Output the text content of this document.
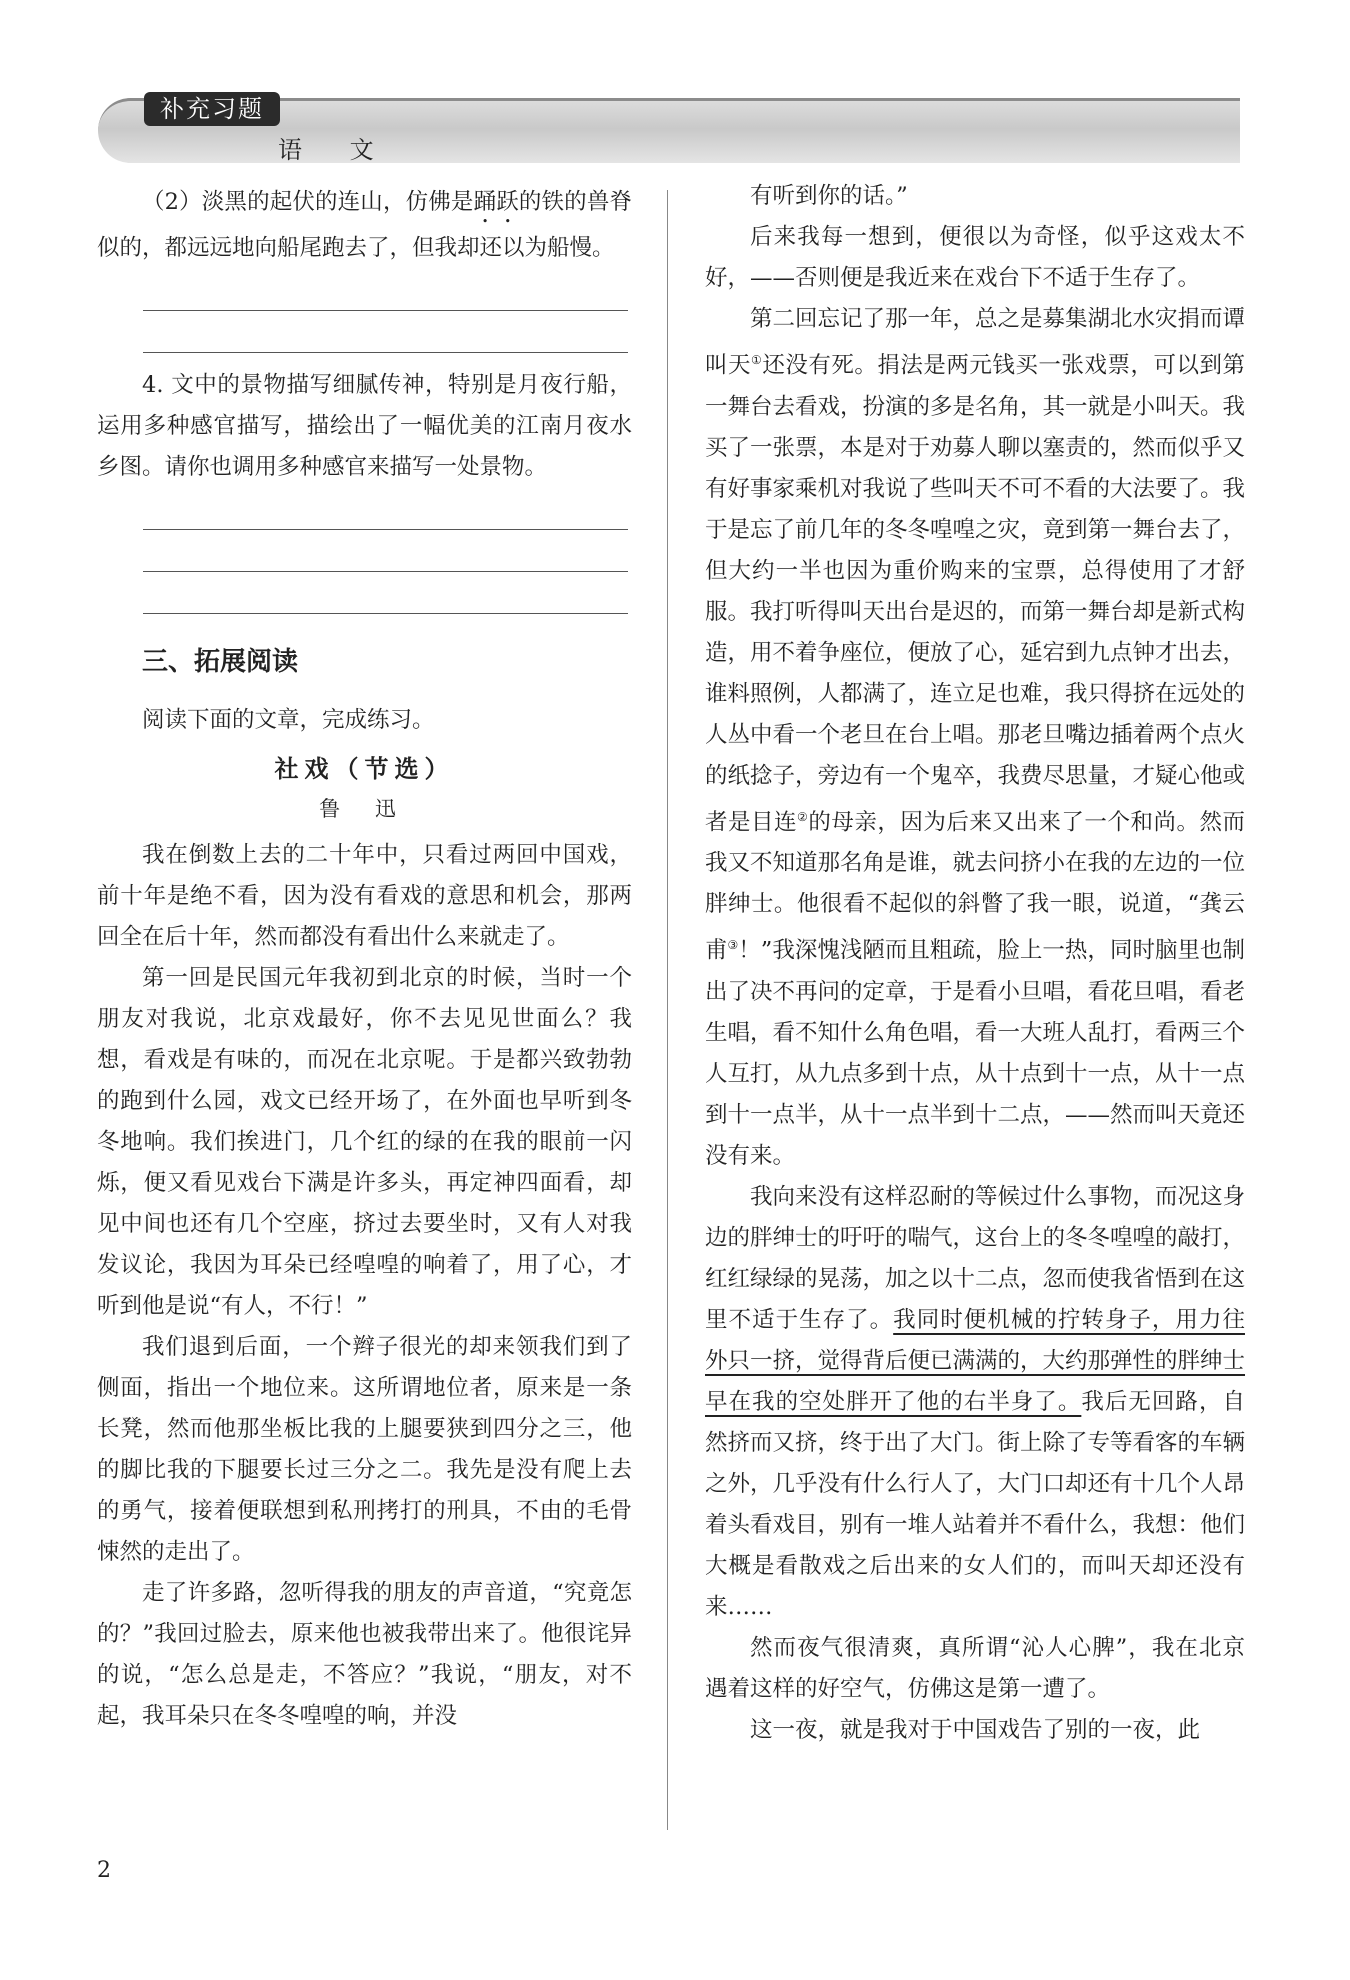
补充习题
语 文

（2）淡黑的起伏的连山，仿佛是踊跃的铁的兽脊似的，都远远地向船尾跑去了，但我却还以为船慢。

4. 文中的景物描写细腻传神，特别是月夜行船，运用多种感官描写，描绘出了一幅优美的江南月夜水乡图。请你也调用多种感官来描写一处景物。

三、拓展阅读

阅读下面的文章，完成练习。

社戏（节选）
鲁 迅

我在倒数上去的二十年中，只看过两回中国戏，前十年是绝不看，因为没有看戏的意思和机会，那两回全在后十年，然而都没有看出什么来就走了。

第一回是民国元年我初到北京的时候，当时一个朋友对我说，北京戏最好，你不去见见世面么？我想，看戏是有味的，而况在北京呢。于是都兴致勃勃的跑到什么园，戏文已经开场了，在外面也早听到冬冬地响。我们挨进门，几个红的绿的在我的眼前一闪烁，便又看见戏台下满是许多头，再定神四面看，却见中间也还有几个空座，挤过去要坐时，又有人对我发议论，我因为耳朵已经喤喤的响着了，用了心，才听到他是说“有人，不行！”

我们退到后面，一个辫子很光的却来领我们到了侧面，指出一个地位来。这所谓地位者，原来是一条长凳，然而他那坐板比我的上腿要狭到四分之三，他的脚比我的下腿要长过三分之二。我先是没有爬上去的勇气，接着便联想到私刑拷打的刑具，不由的毛骨悚然的走出了。

走了许多路，忽听得我的朋友的声音道，“究竟怎的？”我回过脸去，原来他也被我带出来了。他很诧异的说，“怎么总是走，不答应？”我说，“朋友，对不起，我耳朵只在冬冬喤喤的响，并没

有听到你的话。”

后来我每一想到，便很以为奇怪，似乎这戏太不好，——否则便是我近来在戏台下不适于生存了。

第二回忘记了那一年，总之是募集湖北水灾捐而谭叫天①还没有死。捐法是两元钱买一张戏票，可以到第一舞台去看戏，扮演的多是名角，其一就是小叫天。我买了一张票，本是对于劝募人聊以塞责的，然而似乎又有好事家乘机对我说了些叫天不可不看的大法要了。我于是忘了前几年的冬冬喤喤之灾，竟到第一舞台去了，但大约一半也因为重价购来的宝票，总得使用了才舒服。我打听得叫天出台是迟的，而第一舞台却是新式构造，用不着争座位，便放了心，延宕到九点钟才出去，谁料照例，人都满了，连立足也难，我只得挤在远处的人丛中看一个老旦在台上唱。那老旦嘴边插着两个点火的纸捻子，旁边有一个鬼卒，我费尽思量，才疑心他或者是目连②的母亲，因为后来又出来了一个和尚。然而我又不知道那名角是谁，就去问挤小在我的左边的一位胖绅士。他很看不起似的斜瞥了我一眼，说道，“龚云甫③！”我深愧浅陋而且粗疏，脸上一热，同时脑里也制出了决不再问的定章，于是看小旦唱，看花旦唱，看老生唱，看不知什么角色唱，看一大班人乱打，看两三个人互打，从九点多到十点，从十点到十一点，从十一点到十一点半，从十一点半到十二点，——然而叫天竟还没有来。

我向来没有这样忍耐的等候过什么事物，而况这身边的胖绅士的吁吁的喘气，这台上的冬冬喤喤的敲打，红红绿绿的晃荡，加之以十二点，忽而使我省悟到在这里不适于生存了。我同时便机械的拧转身子，用力往外只一挤，觉得背后便已满满的，大约那弹性的胖绅士早在我的空处胖开了他的右半身了。我后无回路，自然挤而又挤，终于出了大门。街上除了专等看客的车辆之外，几乎没有什么行人了，大门口却还有十几个人昂着头看戏目，别有一堆人站着并不看什么，我想：他们大概是看散戏之后出来的女人们的，而叫天却还没有来……

然而夜气很清爽，真所谓“沁人心脾”，我在北京遇着这样的好空气，仿佛这是第一遭了。

这一夜，就是我对于中国戏告了别的一夜，此

2
